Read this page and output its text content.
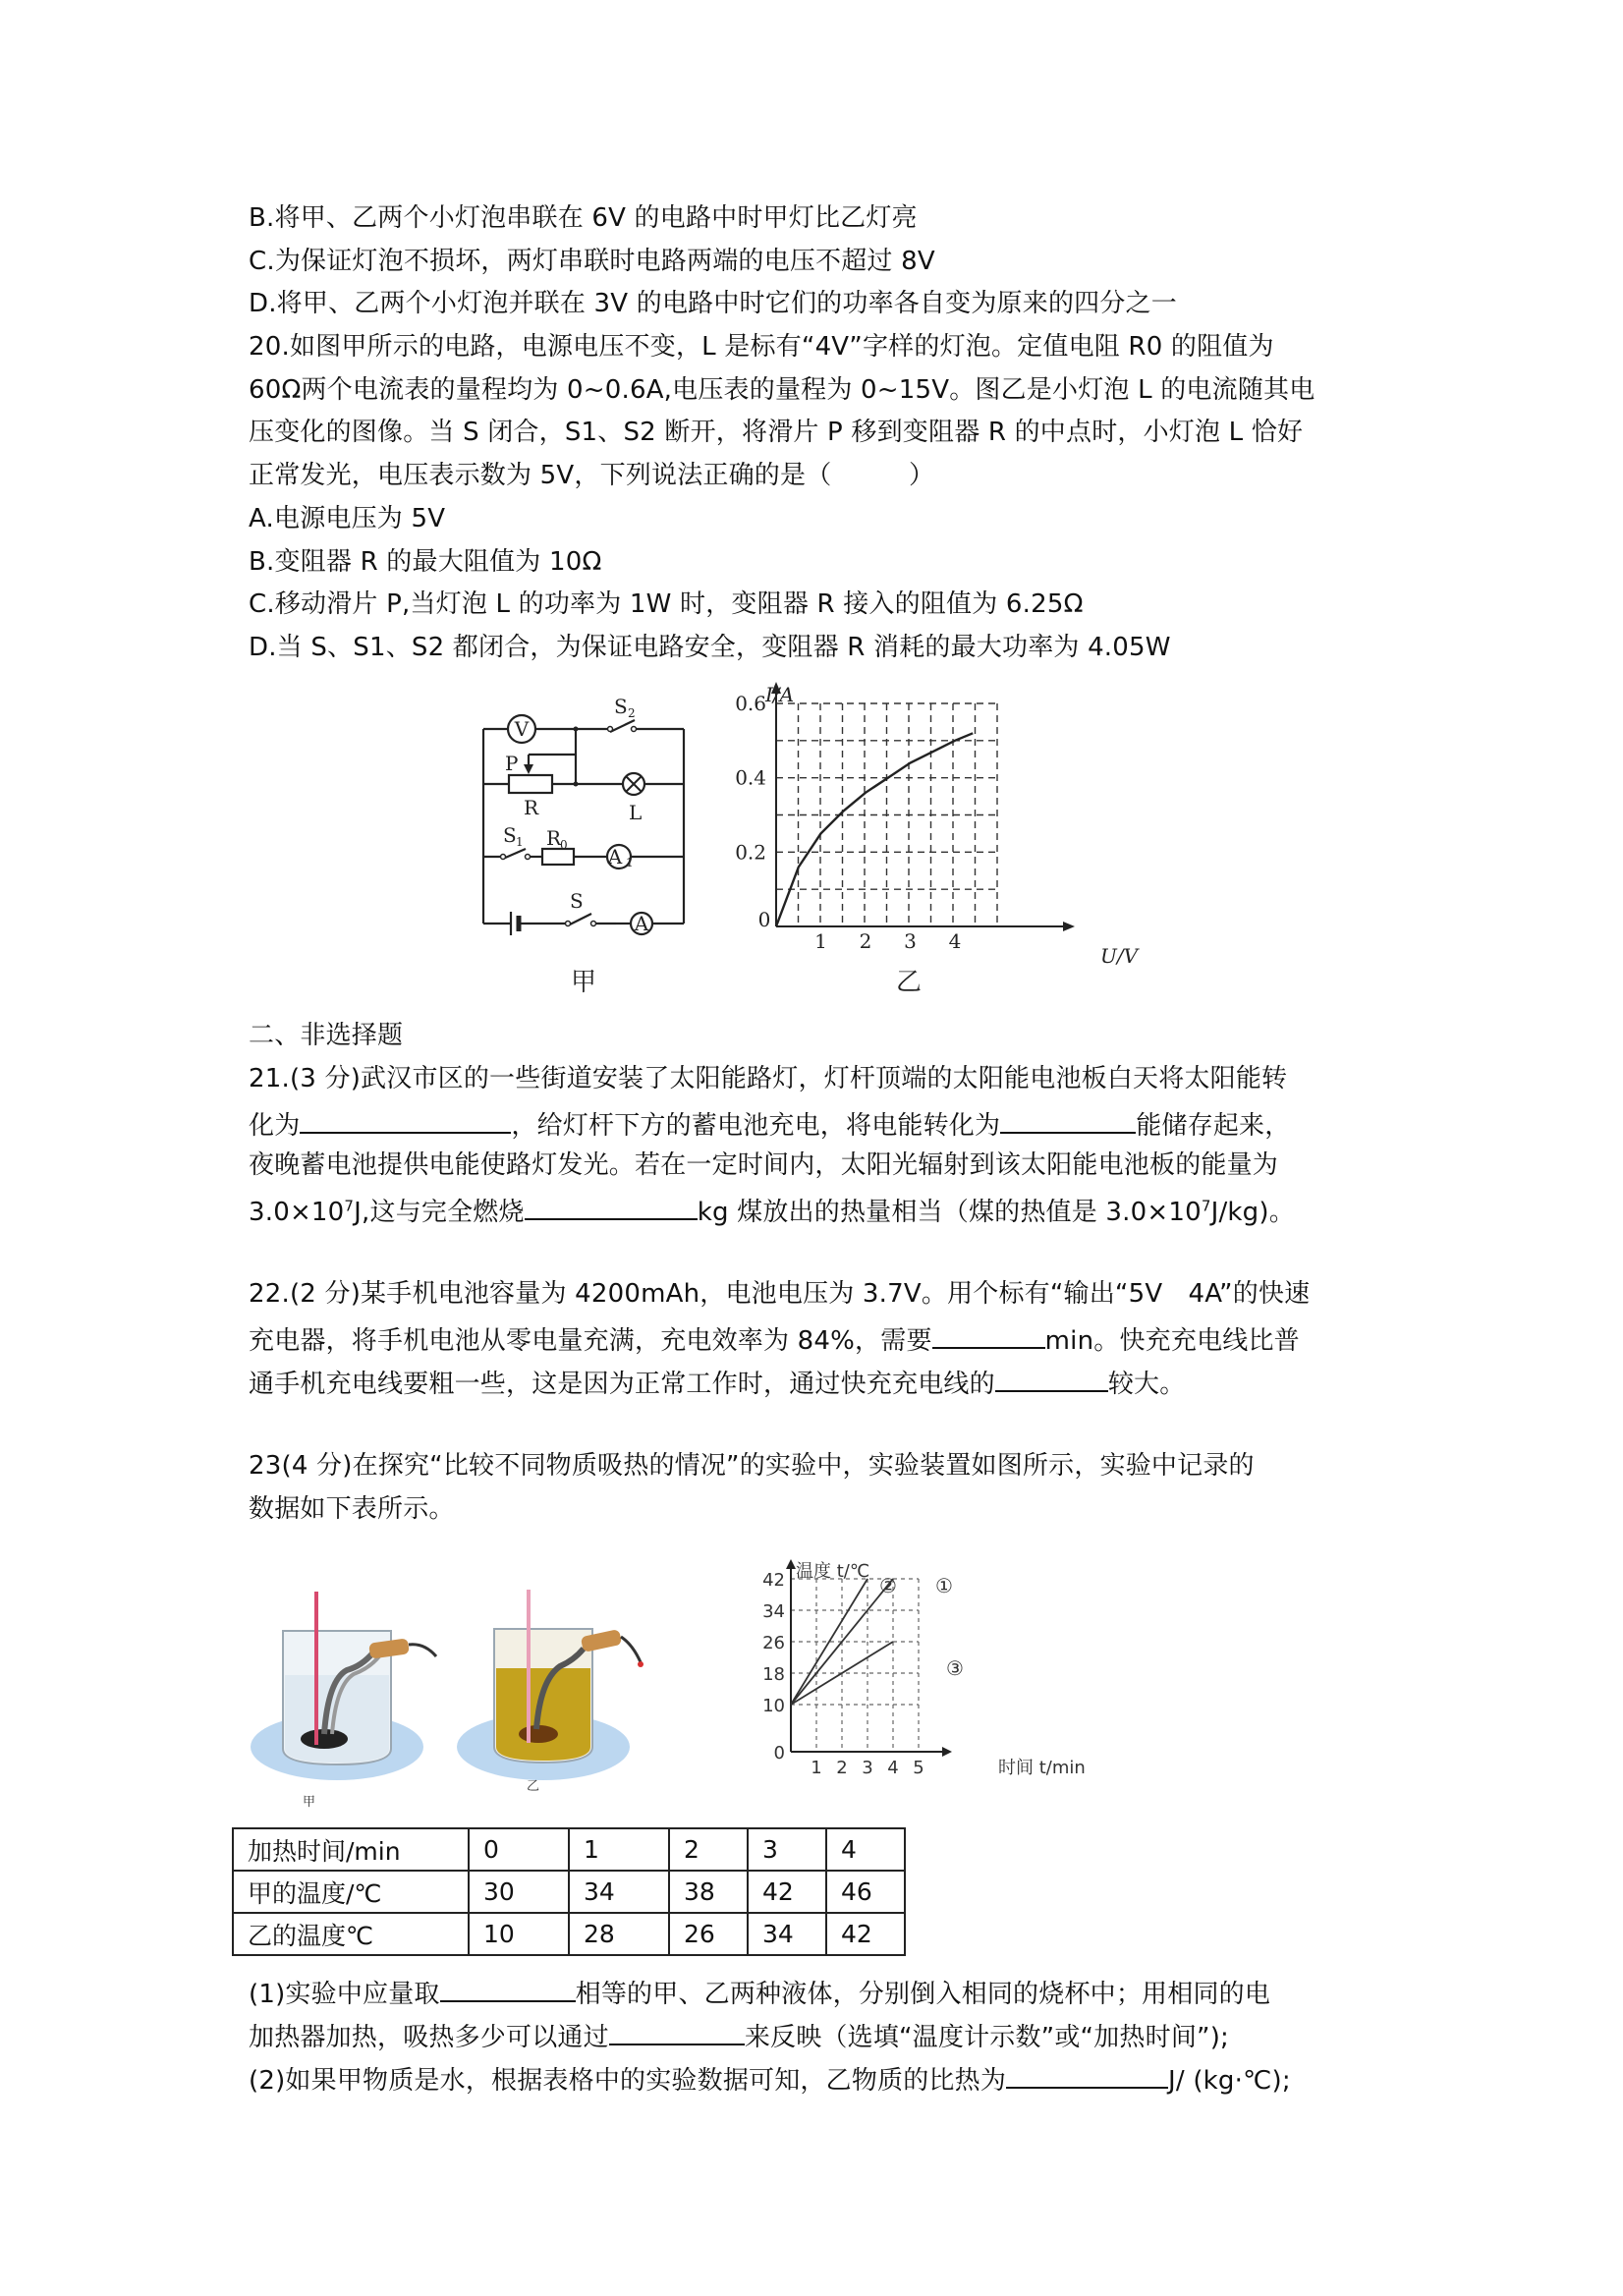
B.将甲、乙两个小灯泡串联在 6V 的电路中时甲灯比乙灯亮
C.为保证灯泡不损坏，两灯串联时电路两端的电压不超过 8V
D.将甲、乙两个小灯泡并联在 3V 的电路中时它们的功率各自变为原来的四分之一
20.如图甲所示的电路，电源电压不变，L 是标有“4V”字样的灯泡。定值电阻 R0 的阻值为
60Ω两个电流表的量程均为 0~0.6A,电压表的量程为 0~15V。图乙是小灯泡 L 的电流随其电
压变化的图像。当 S 闭合，S1、S2 断开，将滑片 P 移到变阻器 R 的中点时，小灯泡 L 恰好
正常发光，电压表示数为 5V，下列说法正确的是（　　　）
A.电源电压为 5V
B.变阻器 R 的最大阻值为 10Ω
C.移动滑片 P,当灯泡 L 的功率为 1W 时，变阻器 R 接入的阻值为 6.25Ω
D.当 S、S1、S2 都闭合，为保证电路安全，变阻器 R 消耗的最大功率为 4.05W
V
A 1
A
S 2
P
R	L
S 1 R
0
S
甲
0
1 2 3 4
0.2
0.4
0.6 I/A
U/V
乙
二、非选择题
21.(3 分)武汉市区的一些街道安装了太阳能路灯，灯杆顶端的太阳能电池板白天将太阳能转
化为	，给灯杆下方的蓄电池充电，将电能转化为	能储存起来，
夜晚蓄电池提供电能使路灯发光。若在一定时间内，太阳光辐射到该太阳能电池板的能量为
$3.0\times 10^7J$,这与完全燃烧	kg 煤放出的热量相当（煤的热值是 $3.0\times 10^7J/kg$)。
22.(2 分)某手机电池容量为 4200mAh，电池电压为 3.7V。用个标有“输出“5V　4A”的快速
充电器，将手机电池从零电量充满，充电效率为 84%，需要	min。快充充电线比普
通手机充电线要粗一些，这是因为正常工作时，通过快充充电线的	较大。
23(4 分)在探究“比较不同物质吸热的情况”的实验中，实验装置如图所示，实验中记录的
数据如下表所示。
甲
乙
1 2 3 4 5
0
10
18
26
34
42 温度 t/℃
时间 t/min
② ①
③
加热时间/min	0	1	2	3	4
甲的温度/℃	30	34	38	42	46
乙的温度℃	10	28	26	34	42
(1)实验中应量取	相等的甲、乙两种液体，分别倒入相同的烧杯中；用相同的电
加热器加热，吸热多少可以通过	来反映（选填“温度计示数”或“加热时间”);
(2)如果甲物质是水，根据表格中的实验数据可知，乙物质的比热为	J/ (kg·℃);
